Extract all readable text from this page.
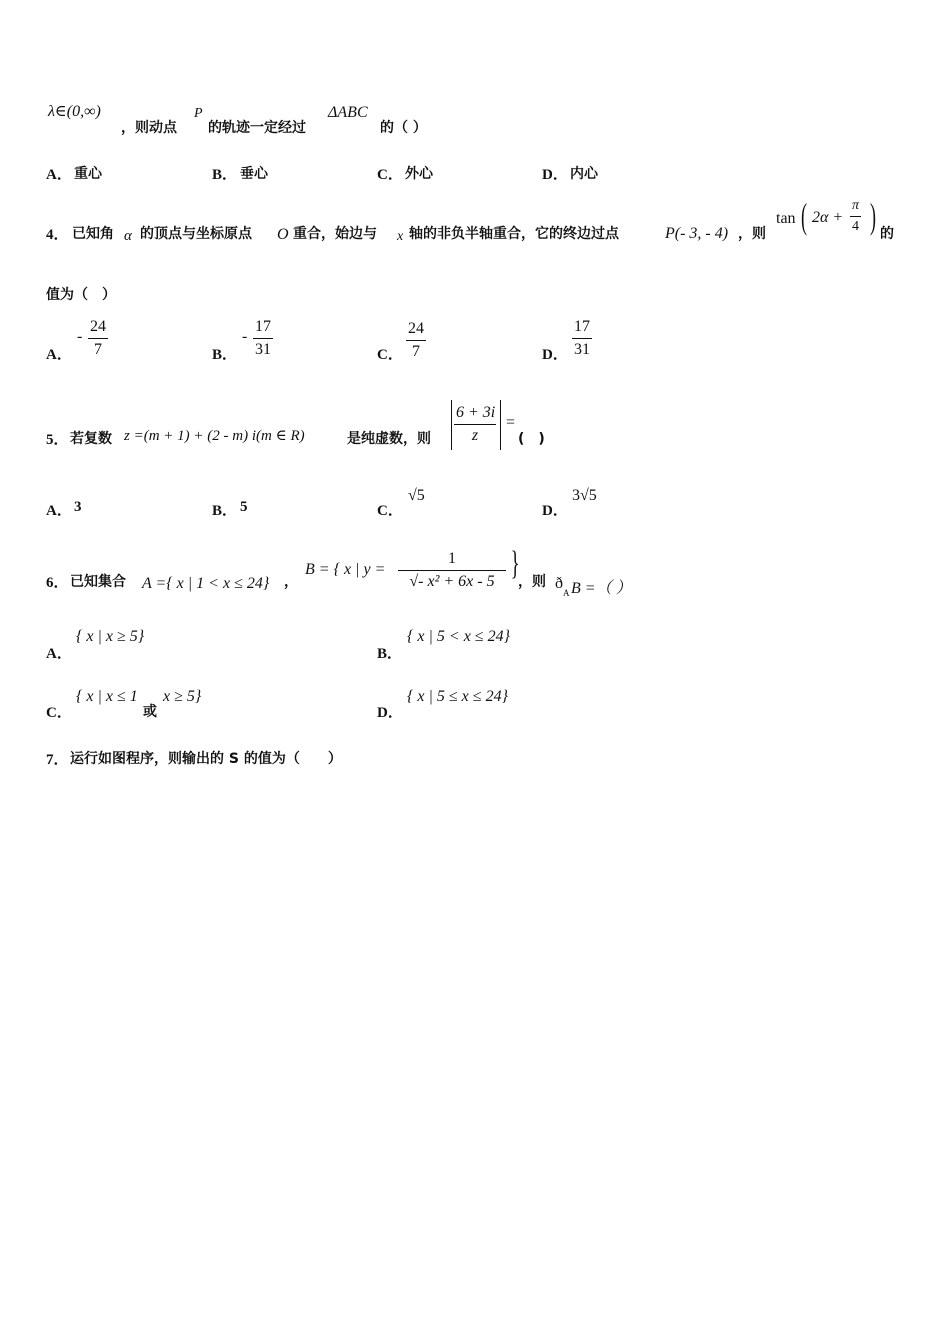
λ∈(0,∞)
，则动点
P
的轨迹一定经过
ΔABC
的（ ）
A． 重心	B． 垂心	C． 外心	D． 内心
4． 已知角 α 的顶点与坐标原点 O 重合，始边与 x 轴的非负半轴重合，它的终边过点	P(- 3, - 4) ，则
tan ( $2\alpha + \frac{\pi}{4}$ ) 的
值为（　）
A．
- $\frac{24}{7}$	B．
- $\frac{17}{31}$	C． $\frac{24}{7}$	D． $\frac{17}{31}$
5． 若复数 z =(m + 1) + (2 - m) i(m ∈ R)	是纯虚数，则 $\frac{6 + 3i}{z}$ =
(　)
A． 3	B． 5	C．
√5
D．
3√5
6． 已知集合 A ={ x | 1 < x ≤ 24} ，
B = { x | $y = \frac{1}{\text{√- x² + 6x - 5}}$ }
，则 ð
A B =（ ）
A．
{ x | x ≥ 5}
B．
{ x | 5 < x ≤ 24}
C．
{ x | x ≤ 1
或
x ≥ 5}
D．
{ x | 5 ≤ x ≤ 24}
7． 运行如图程序，则输出的 S 的值为（　　）
